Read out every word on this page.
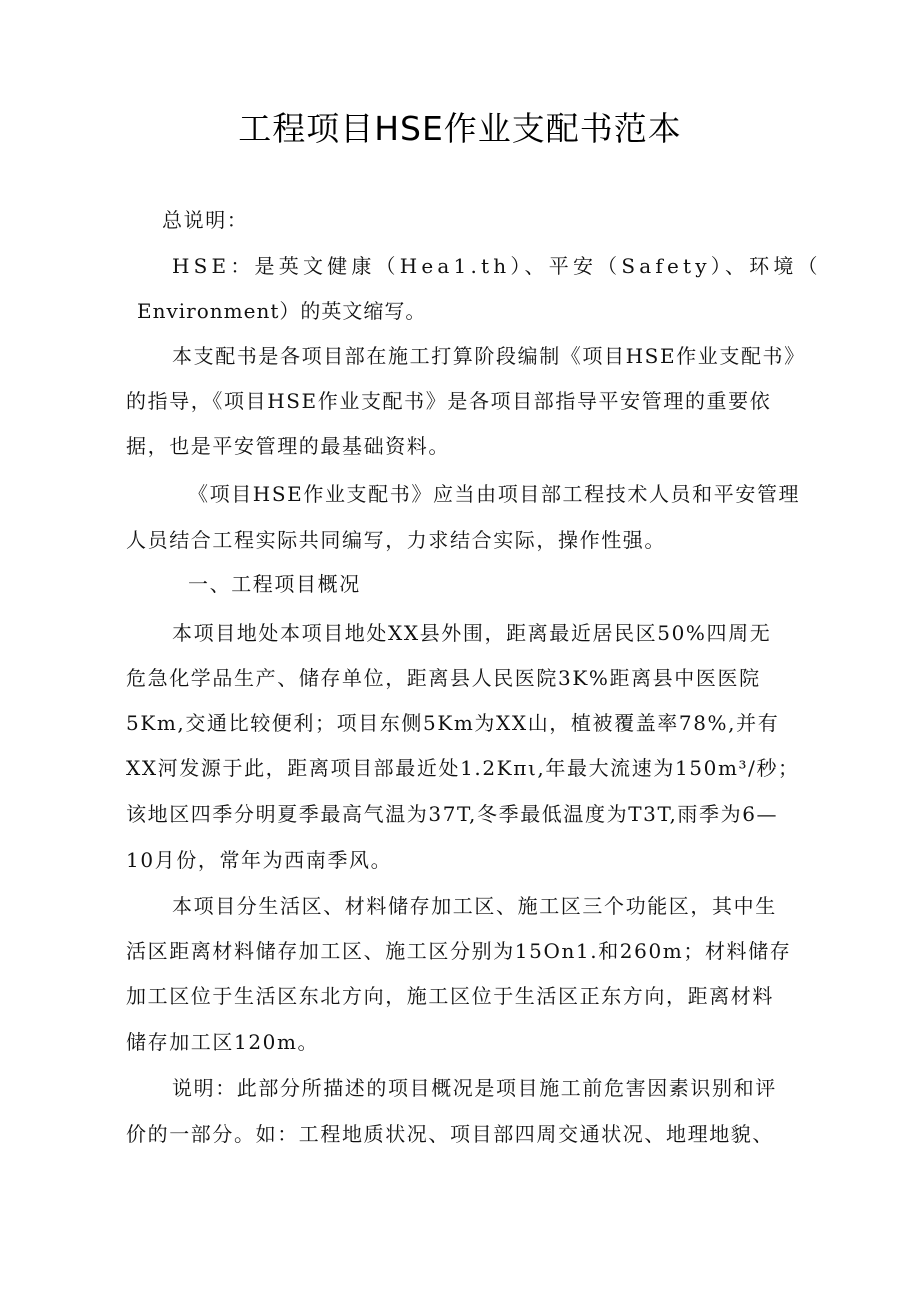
工程项目HSE作业支配书范本
总说明：
HSE：是英文健康（Hea1.th）、平安（Safety）、环境（
Environment）的英文缩写。
本支配书是各项目部在施工打算阶段编制《项目HSE作业支配书》
的指导，《项目HSE作业支配书》是各项目部指导平安管理的重要依
据，也是平安管理的最基础资料。
《项目HSE作业支配书》应当由项目部工程技术人员和平安管理
人员结合工程实际共同编写，力求结合实际，操作性强。
一、工程项目概况
本项目地处本项目地处XX县外围，距离最近居民区50%四周无
危急化学品生产、储存单位，距离县人民医院3K%距离县中医医院
5Km,交通比较便利；项目东侧5Km为XX山，植被覆盖率78%,并有
XX河发源于此，距离项目部最近处1.2Kπι,年最大流速为150m³/秒；
该地区四季分明夏季最高气温为37T,冬季最低温度为T3T,雨季为6—
10月份，常年为西南季风。
本项目分生活区、材料储存加工区、施工区三个功能区，其中生
活区距离材料储存加工区、施工区分别为15On1.和260m；材料储存
加工区位于生活区东北方向，施工区位于生活区正东方向，距离材料
储存加工区120m。
说明：此部分所描述的项目概况是项目施工前危害因素识别和评
价的一部分。如：工程地质状况、项目部四周交通状况、地理地貌、
